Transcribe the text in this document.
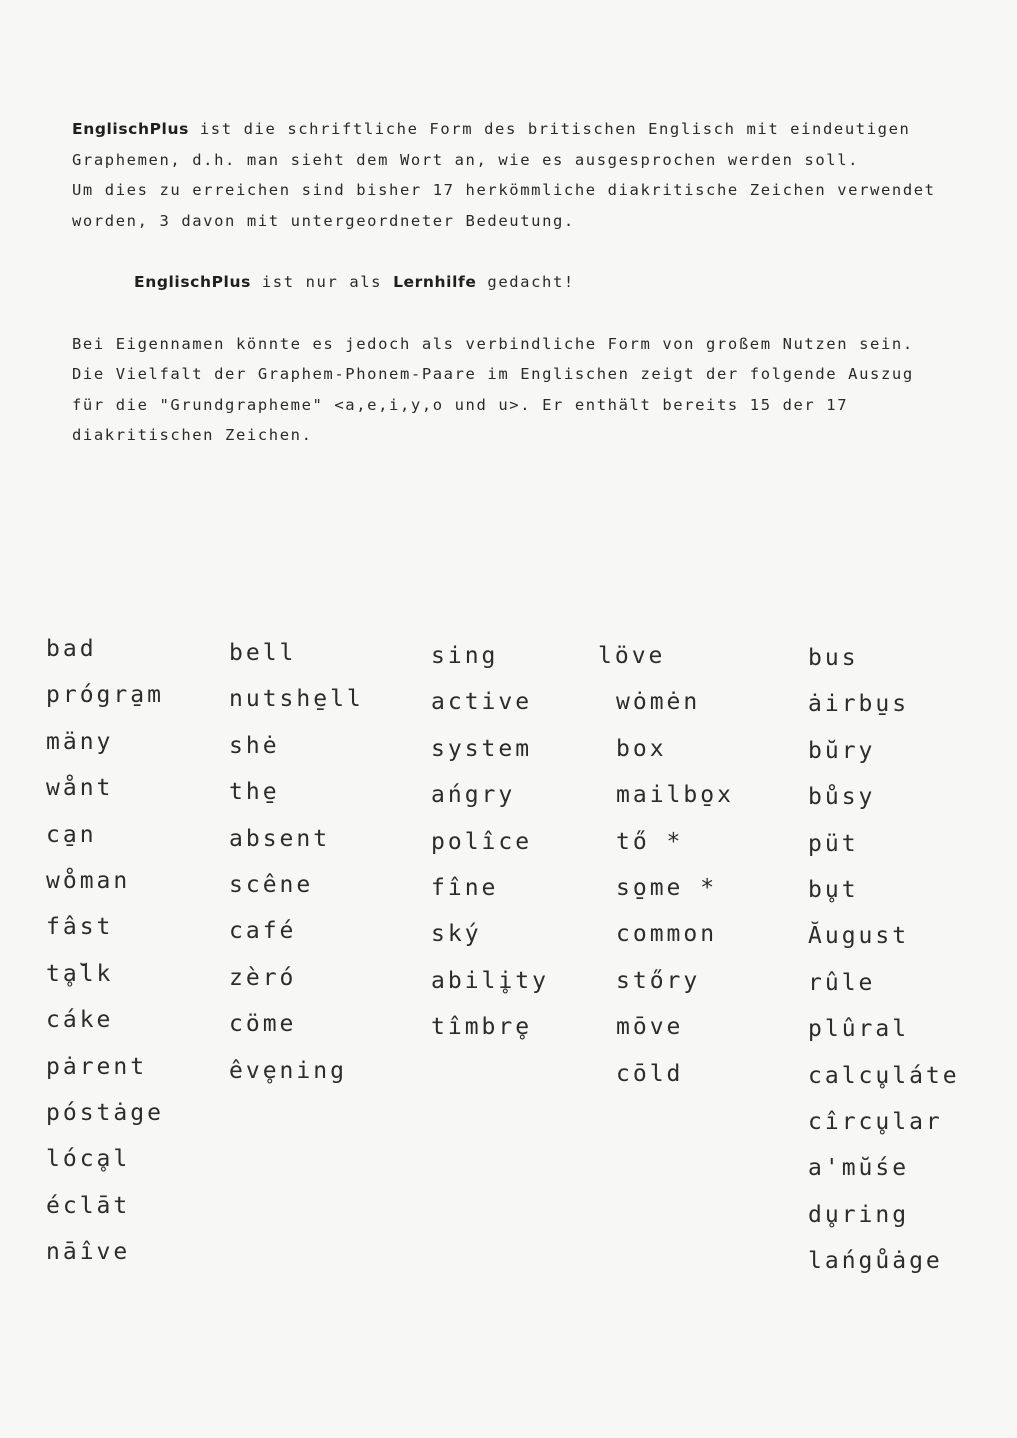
EnglischPlus ist die schriftliche Form des britischen Englisch mit eindeutigen Graphemen, d.h. man sieht dem Wort an, wie es ausgesprochen werden soll.

Um dies zu erreichen sind bisher 17 herkömmliche diakritische Zeichen verwendet worden, 3 davon mit untergeordneter Bedeutung.

EnglischPlus ist nur als Lernhilfe gedacht!

Bei Eigennamen könnte es jedoch als verbindliche Form von großem Nutzen sein.

Die Vielfalt der Graphem-Phonem-Paare im Englischen zeigt der folgende Auszug für die "Grundgrapheme" <a,e,i,y,o und u>. Er enthält bereits 15 der 17 diakritischen Zeichen.

bad
prógra̱m
mäny
wånt
ca̱n
wo̊man
fâst
tḁ̆lk
cáke
pȧrent
póstȧge
lócḁl
éclāt
nāîve
bell
nutshe̱ll
shė
the̱
absent
scêne
café
zèró
cöme
êve̥ning
sing
active
system
ańgry
polîce
fîne
ský
abili̥ty
tîmbre̥
löve
wȯmėn
box
mailbo̱x
tő *
so̱me *
common
stőry
mōve
cōld
bus
ȧirbu̱s
bŭry
bůsy
püt
bu̥t
Ăugust
rûle
plûral
calcu̥láte
cîrcu̥lar
a'mŭśe
du̥ring
lańgůȧge
